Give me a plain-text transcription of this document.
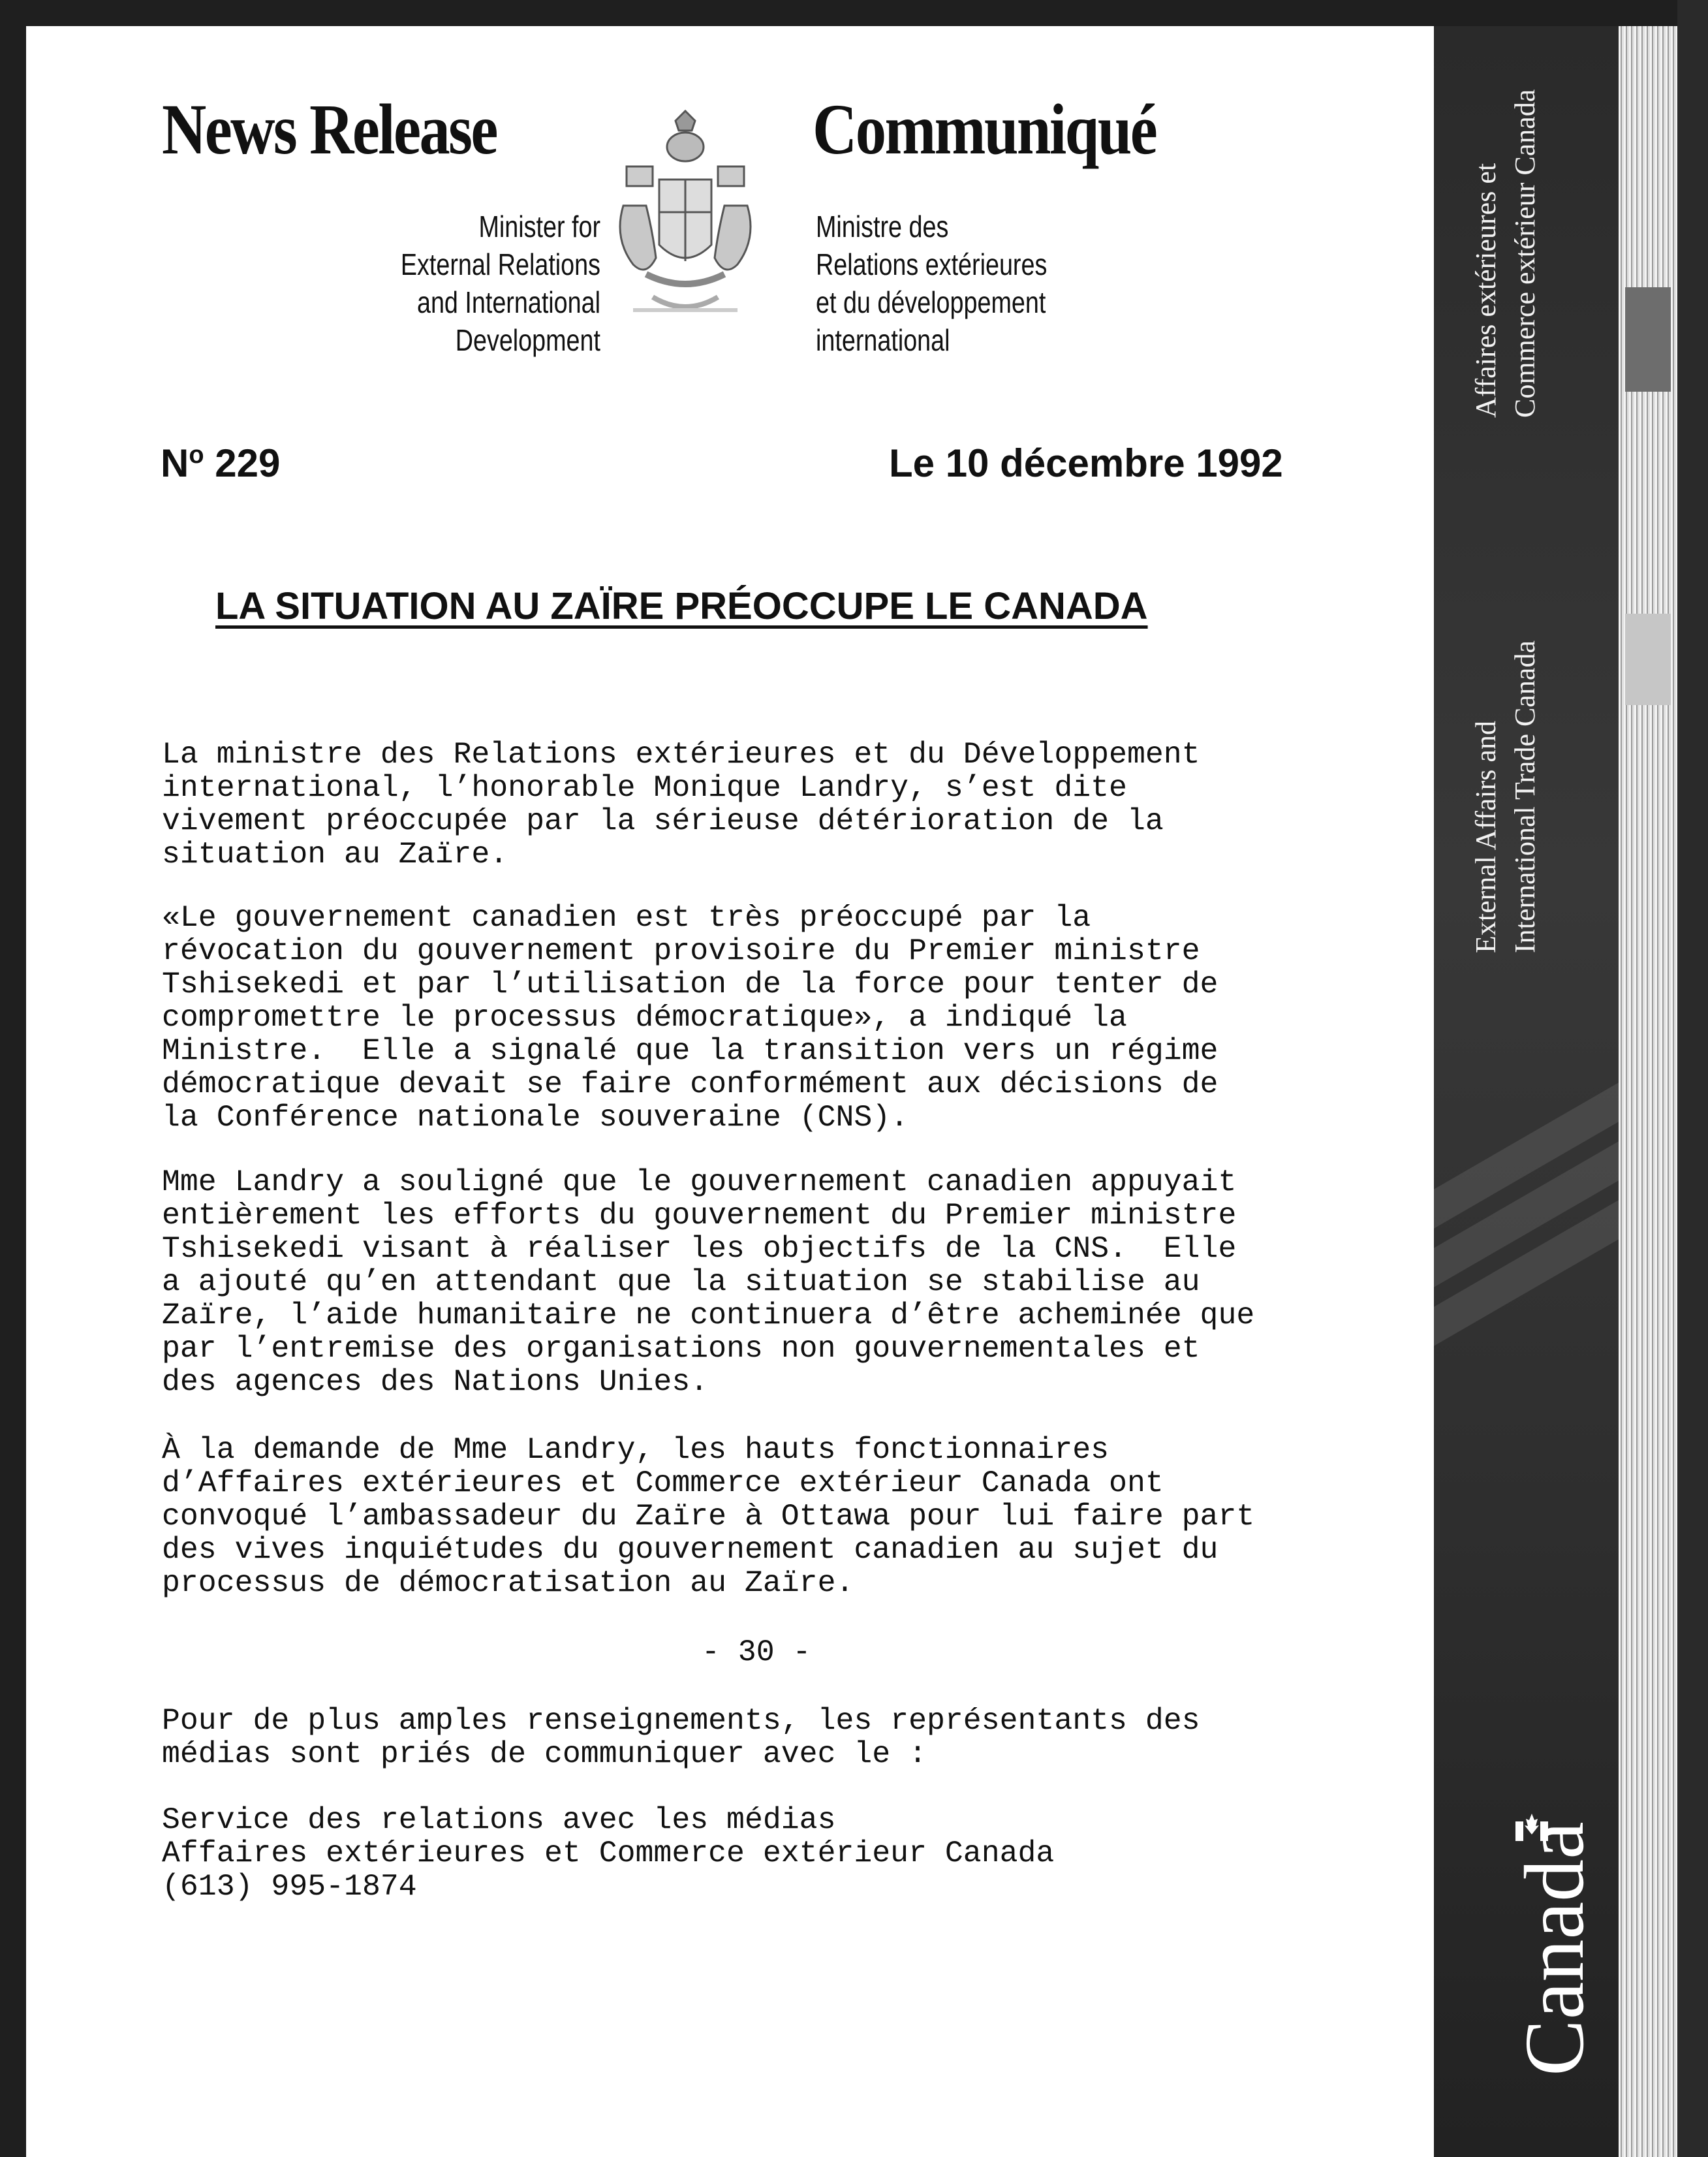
Affaires extérieures et Commerce extérieur Canada
External Affairs and International Trade Canada
Canada
News Release	Communiqué
Minister for
External Relations
and International
Development
Ministre des
Relations extérieures
et du développement
international
$N^o$ 229	Le 10 décembre 1992
LA SITUATION AU ZAÏRE PRÉOCCUPE LE CANADA
La ministre des Relations extérieures et du Développement
international, l’honorable Monique Landry, s’est dite
vivement préoccupée par la sérieuse détérioration de la
situation au Zaïre.
«Le gouvernement canadien est très préoccupé par la
révocation du gouvernement provisoire du Premier ministre
Tshisekedi et par l’utilisation de la force pour tenter de
compromettre le processus démocratique», a indiqué la
Ministre.  Elle a signalé que la transition vers un régime
démocratique devait se faire conformément aux décisions de
la Conférence nationale souveraine (CNS).
Mme Landry a souligné que le gouvernement canadien appuyait
entièrement les efforts du gouvernement du Premier ministre
Tshisekedi visant à réaliser les objectifs de la CNS.  Elle
a ajouté qu’en attendant que la situation se stabilise au
Zaïre, l’aide humanitaire ne continuera d’être acheminée que
par l’entremise des organisations non gouvernementales et
des agences des Nations Unies.
À la demande de Mme Landry, les hauts fonctionnaires
d’Affaires extérieures et Commerce extérieur Canada ont
convoqué l’ambassadeur du Zaïre à Ottawa pour lui faire part
des vives inquiétudes du gouvernement canadien au sujet du
processus de démocratisation au Zaïre.
- 30 -
Pour de plus amples renseignements, les représentants des
médias sont priés de communiquer avec le :
Service des relations avec les médias
Affaires extérieures et Commerce extérieur Canada
(613) 995-1874
